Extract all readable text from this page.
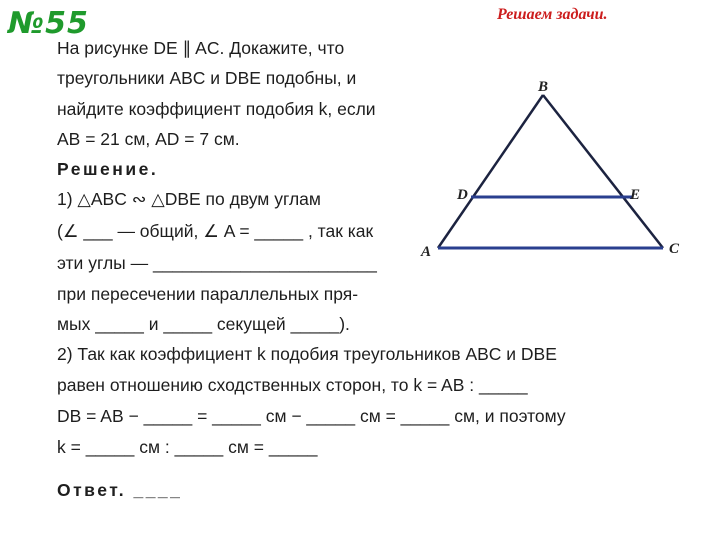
№55	Решаем задачи.
На рисунке DE ∥ AC. Докажите, что
треугольники ABC и DBE подобны, и
найдите коэффициент подобия k, если
AB = 21 см, AD = 7 см.
Решение.
1) △ABC ∾ △DBE по двум углам
(∠ ___ — общий, ∠ A = _____ , так как
эти углы — _______________________
при пересечении параллельных пря-
мых _____ и _____ секущей _____).
2) Так как коэффициент k подобия треугольников ABC и DBE
равен отношению сходственных сторон, то k = AB : _____
DB = AB − _____ = _____ см − _____ см = _____ см, и поэтому
k = _____ см : _____ см = _____
Ответ. ____
B
D	E
A	C
